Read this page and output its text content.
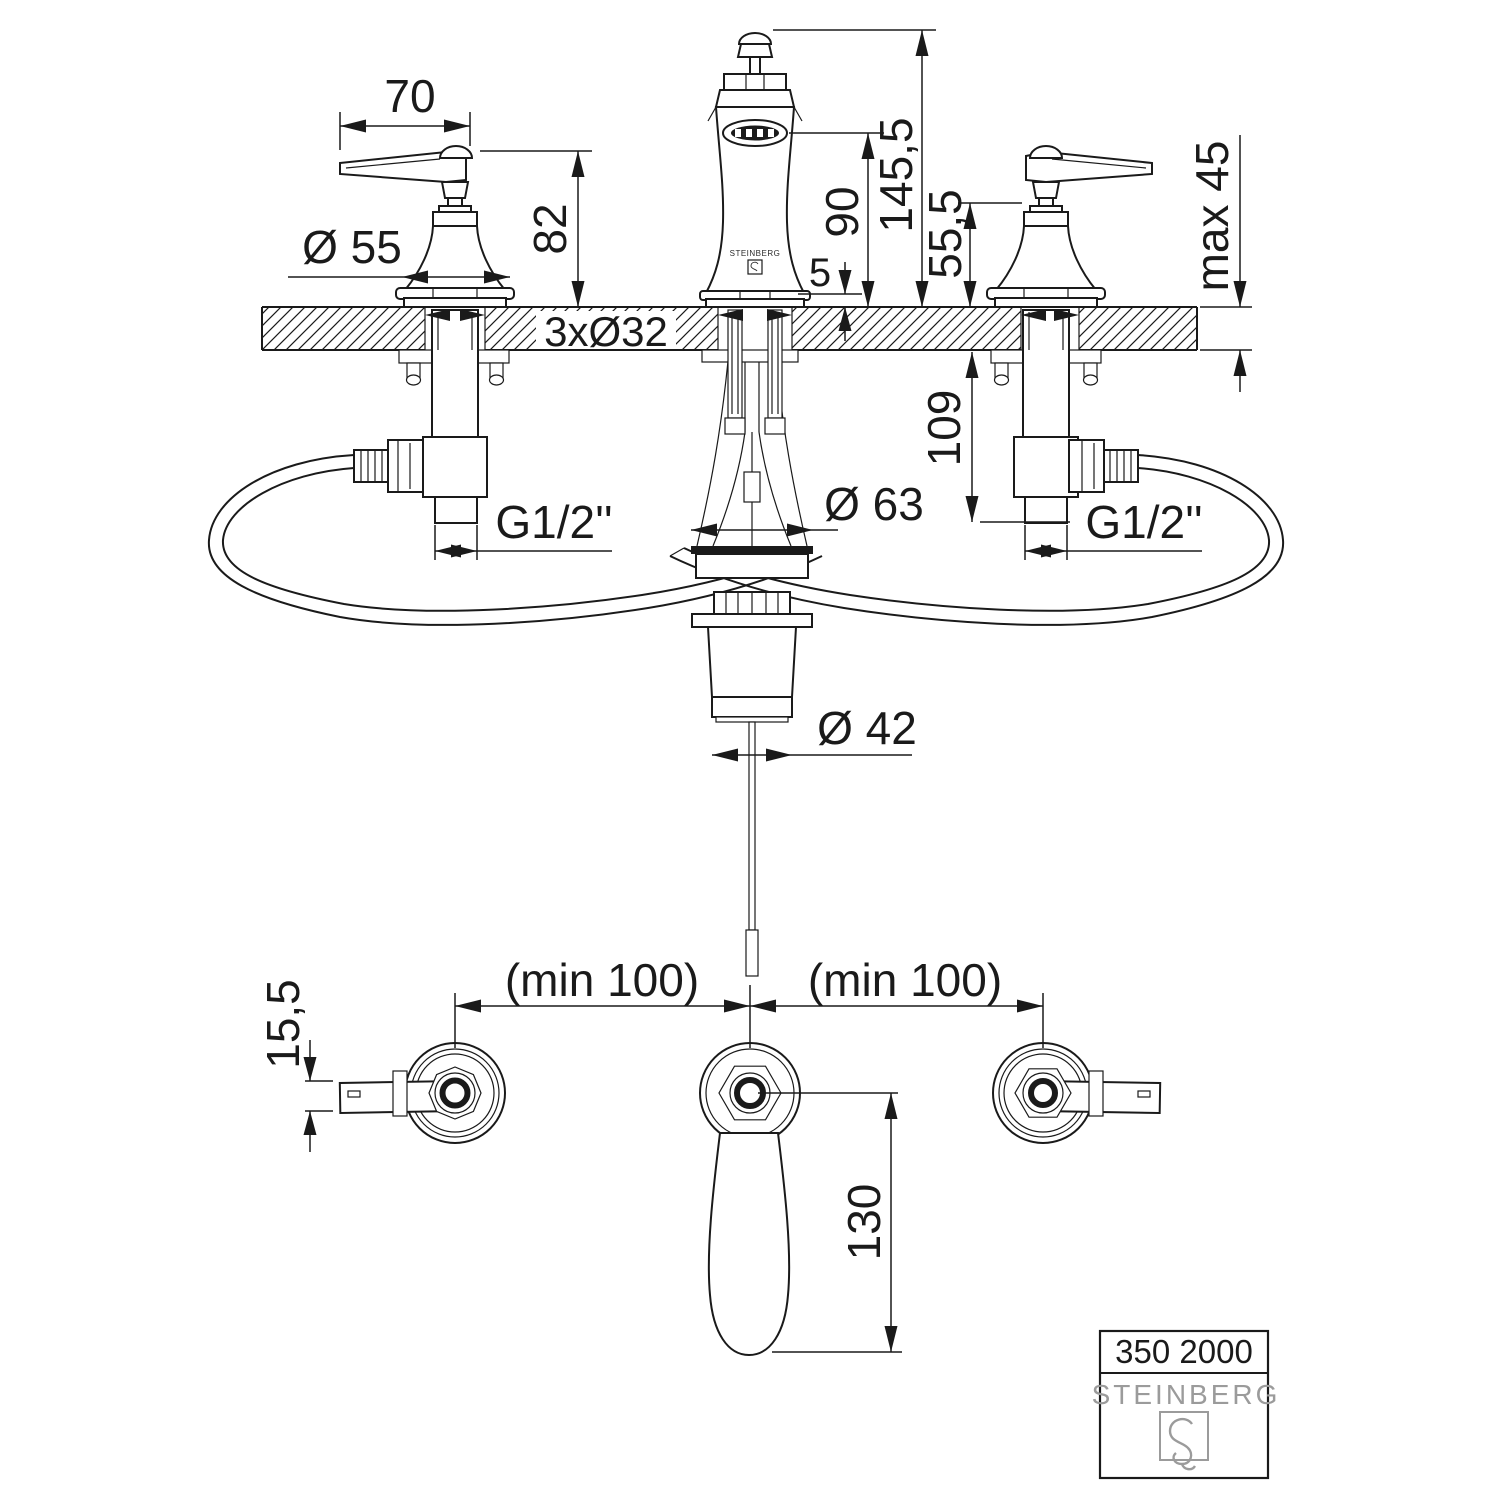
STEINBERG
70
Ø 55	82
3xØ32
145,5
90
5 55,5	max 45
109
Ø 63
G1/2''	G1/2''
Ø 42
(min 100) (min 100)
15,5
130
350 2000
STEINBERG
